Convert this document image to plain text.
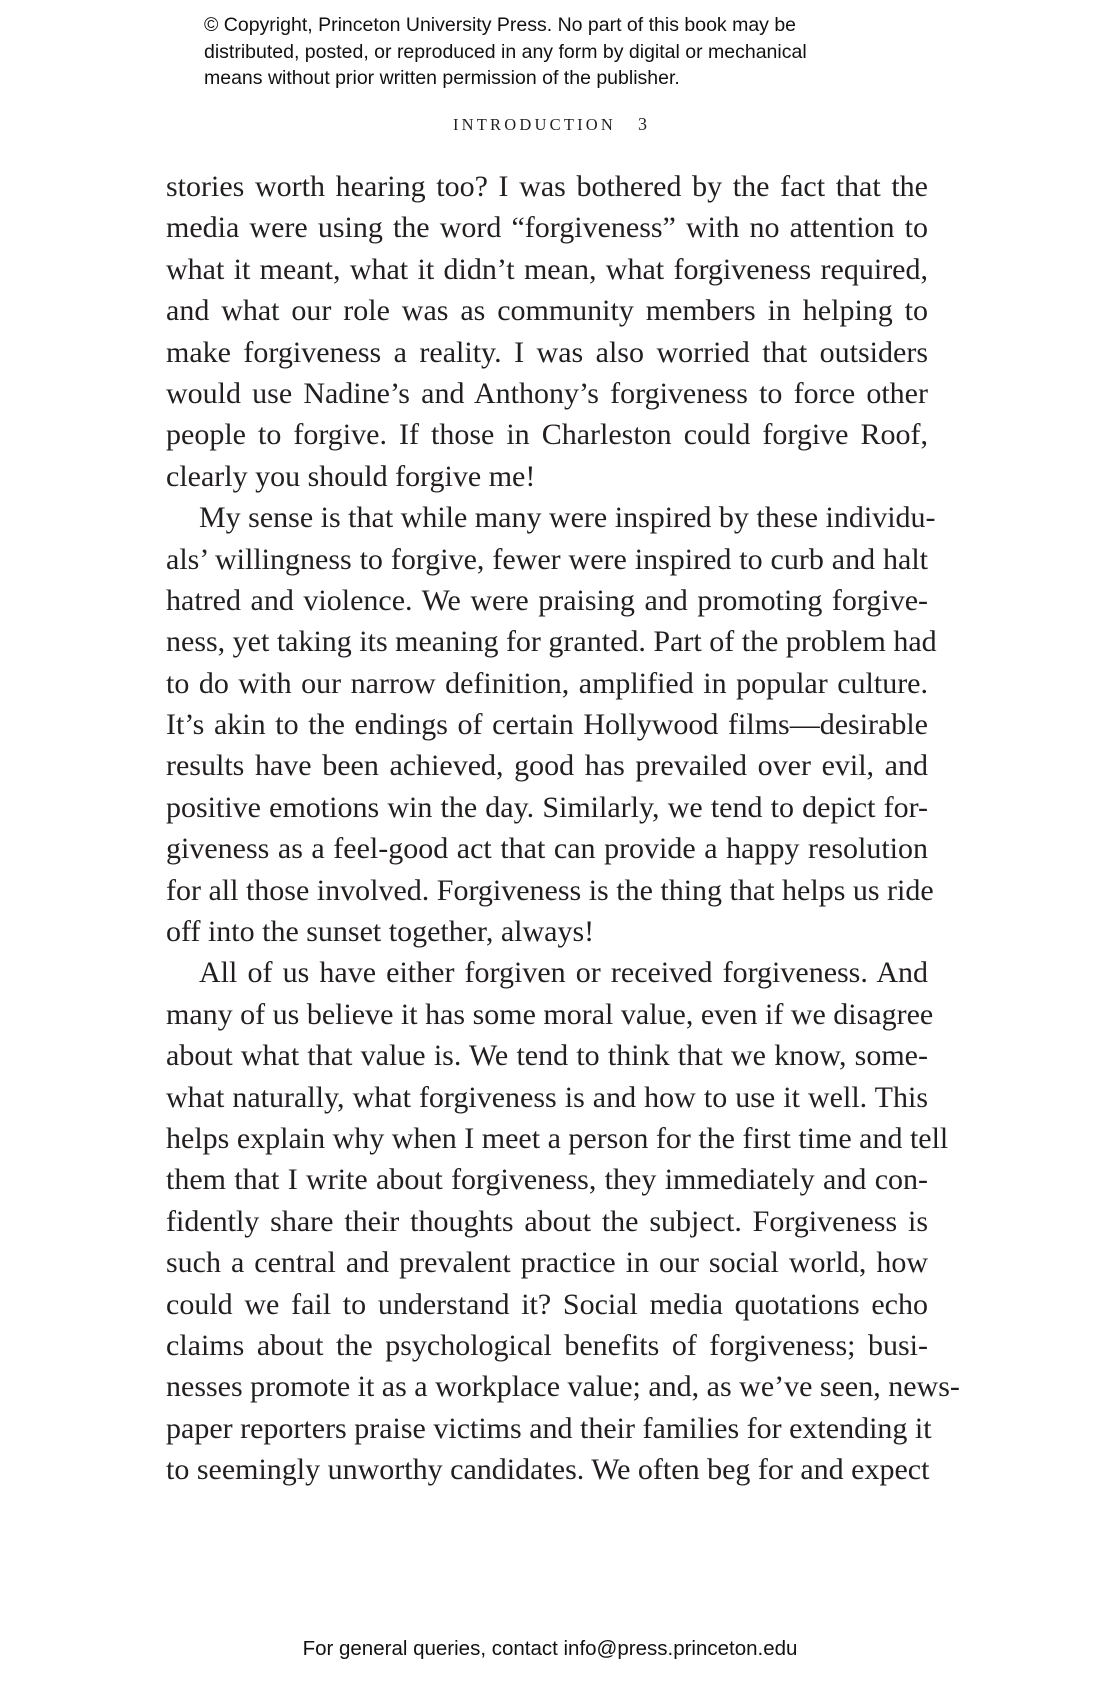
© Copyright, Princeton University Press. No part of this book may be
distributed, posted, or reproduced in any form by digital or mechanical
means without prior written permission of the publisher.
INTRODUCTION 3
stories worth hearing too? I was bothered by the fact that the
media were using the word “forgiveness” with no attention to
what it meant, what it didn’t mean, what forgiveness required,
and what our role was as community members in helping to
make forgiveness a reality. I was also worried that outsiders
would use Nadine’s and Anthony’s forgiveness to force other
people to forgive. If those in Charleston could forgive Roof,
clearly you should forgive me!
My sense is that while many were inspired by these individu-
als’ willingness to forgive, fewer were inspired to curb and halt
hatred and violence. We were praising and promoting forgive-
ness, yet taking its meaning for granted. Part of the problem had
to do with our narrow definition, amplified in popular culture.
It’s akin to the endings of certain Hollywood films—desirable
results have been achieved, good has prevailed over evil, and
positive emotions win the day. Similarly, we tend to depict for-
giveness as a feel-good act that can provide a happy resolution
for all those involved. Forgiveness is the thing that helps us ride
off into the sunset together, always!
All of us have either forgiven or received forgiveness. And
many of us believe it has some moral value, even if we disagree
about what that value is. We tend to think that we know, some-
what naturally, what forgiveness is and how to use it well. This
helps explain why when I meet a person for the first time and tell
them that I write about forgiveness, they immediately and con-
fidently share their thoughts about the subject. Forgiveness is
such a central and prevalent practice in our social world, how
could we fail to understand it? Social media quotations echo
claims about the psychological benefits of forgiveness; busi-
nesses promote it as a workplace value; and, as we’ve seen, news-
paper reporters praise victims and their families for extending it
to seemingly unworthy candidates. We often beg for and expect
For general queries, contact info@press.princeton.edu
